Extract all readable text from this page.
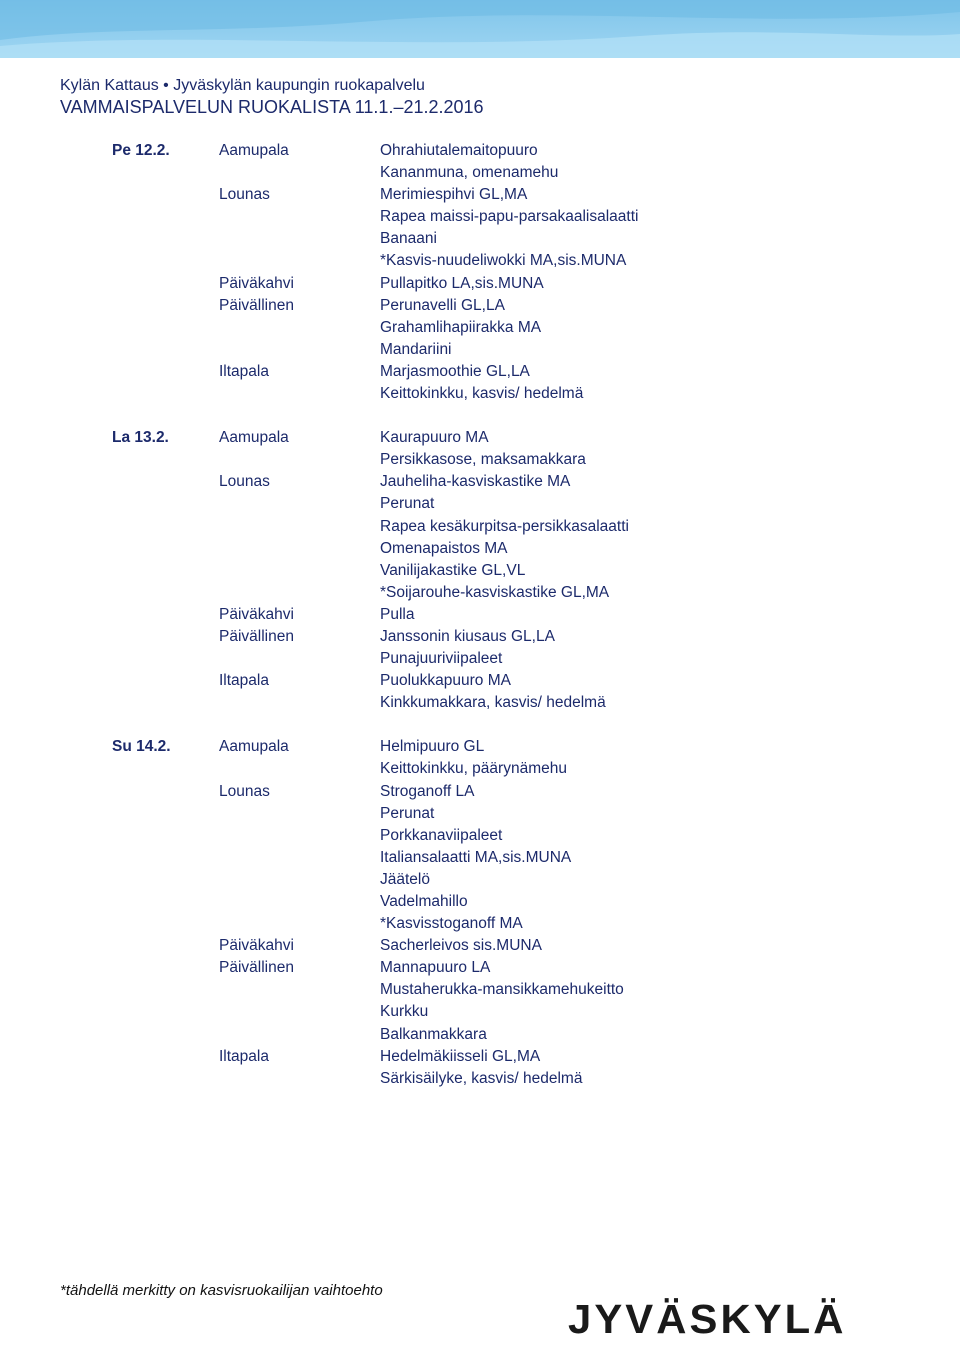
Kylän Kattaus • Jyväskylän kaupungin ruokapalvelu
VAMMAISPALVELUN RUOKALISTA 11.1.–21.2.2016
Pe 12.2.	Aamupala	Ohrahiutalemaitopuuro
Kananmuna, omenamehu
Lounas	Merimiespihvi GL,MA
Rapea maissi-papu-parsakaalisalaatti
Banaani
*Kasvis-nuudeliwokki MA,sis.MUNA
Päiväkahvi	Pullapitko LA,sis.MUNA
Päivällinen	Perunavelli GL,LA
Grahamlihapiirakka MA
Mandariini
Iltapala	Marjasmoothie GL,LA
Keittokinkku, kasvis/ hedelmä
La 13.2.	Aamupala	Kaurapuuro MA
Persikkasose, maksamakkara
Lounas	Jauheliha-kasviskastike MA
Perunat
Rapea kesäkurpitsa-persikkasalaatti
Omenapaistos MA
Vanilijakastike GL,VL
*Soijarouhe-kasviskastike GL,MA
Päiväkahvi	Pulla
Päivällinen	Janssonin kiusaus GL,LA
Punajuuriviipaleet
Iltapala	Puolukkapuuro MA
Kinkkumakkara, kasvis/ hedelmä
Su 14.2.	Aamupala	Helmipuuro GL
Keittokinkku, päärynämehu
Lounas	Stroganoff LA
Perunat
Porkkanaviipaleet
Italiansalaatti MA,sis.MUNA
Jäätelö
Vadelmahillo
*Kasvisstoganoff MA
Päiväkahvi	Sacherleivos sis.MUNA
Päivällinen	Mannapuuro LA
Mustaherukka-mansikkamehukeitto
Kurkku
Balkanmakkara
Iltapala	Hedelmäkiisseli GL,MA
Särkisäilyke, kasvis/ hedelmä
*tähdellä merkitty on kasvisruokailijan vaihtoehto
JYVÄSKYLÄ
